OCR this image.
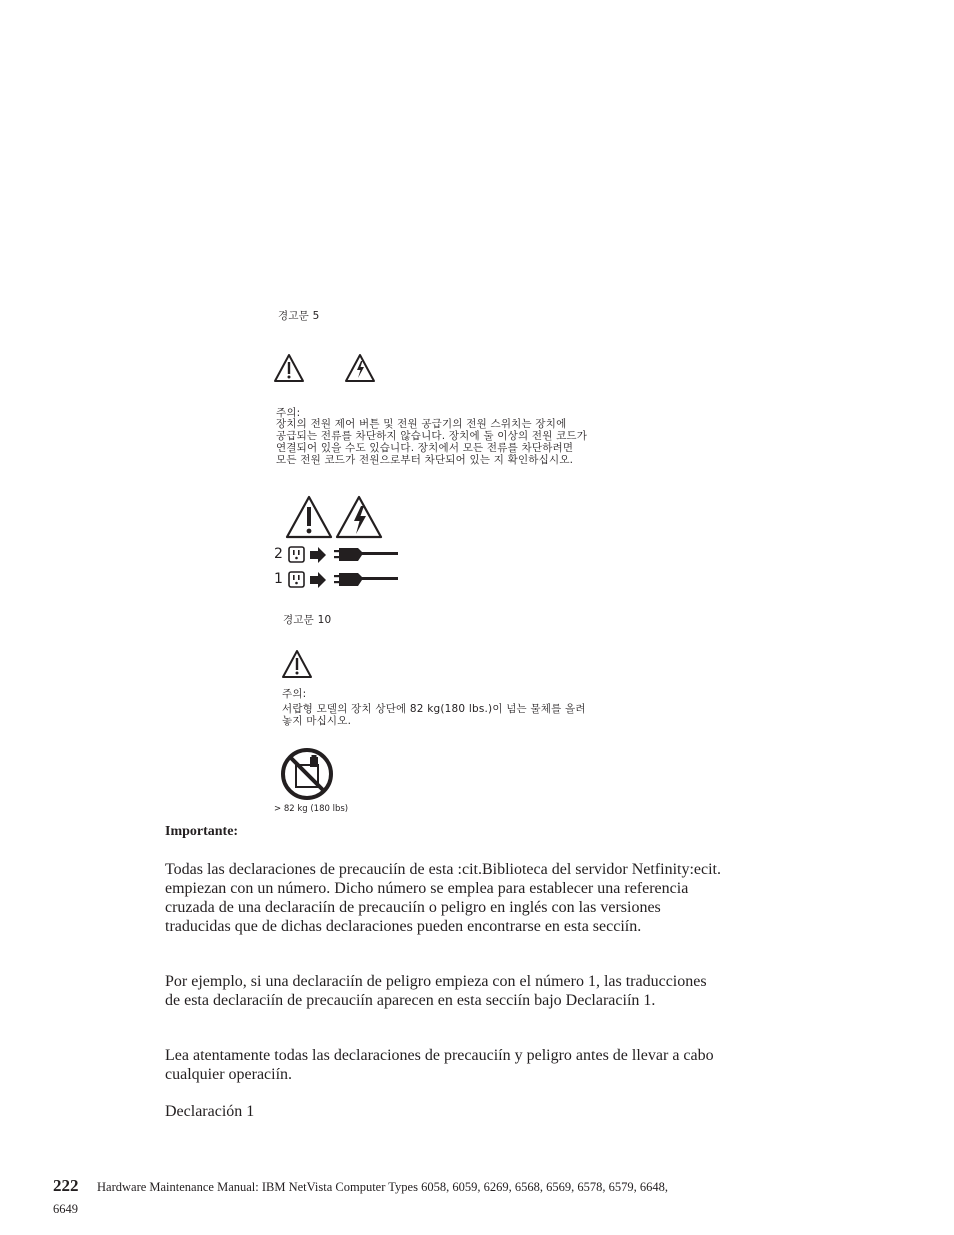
경고문 5
주의:
장치의 전원 제어 버튼 및 전원 공급기의 전원 스위치는 장치에
공급되는 전류를 차단하지 않습니다. 장치에 둘 이상의 전원 코드가
연결되어 있을 수도 있습니다. 장치에서 모든 전류를 차단하려면
모든 전원 코드가 전원으로부터 차단되어 있는 지 확인하십시오.
2
1
경고문 10
주의:
서랍형 모델의 장치 상단에 82 kg(180 lbs.)이 넘는 물체를 올려
놓지 마십시오.
> 82 kg (180 lbs)
Importante:
Todas las declaraciones de precauciín de esta :cit.Biblioteca del servidor Netfinity:ecit. empiezan con un número. Dicho número se emplea para establecer una referencia cruzada de una declaraciín de precauciín o peligro en inglés con las versiones traducidas que de dichas declaraciones pueden encontrarse en esta secciín.
Por ejemplo, si una declaraciín de peligro empieza con el número 1, las traducciones de esta declaraciín de precauciín aparecen en esta secciín bajo Declaraciín 1.
Lea atentamente todas las declaraciones de precauciín y peligro antes de llevar a cabo cualquier operaciín.
Declaración 1
222 Hardware Maintenance Manual: IBM NetVista Computer Types 6058, 6059, 6269, 6568, 6569, 6578, 6579, 6648,
6649
